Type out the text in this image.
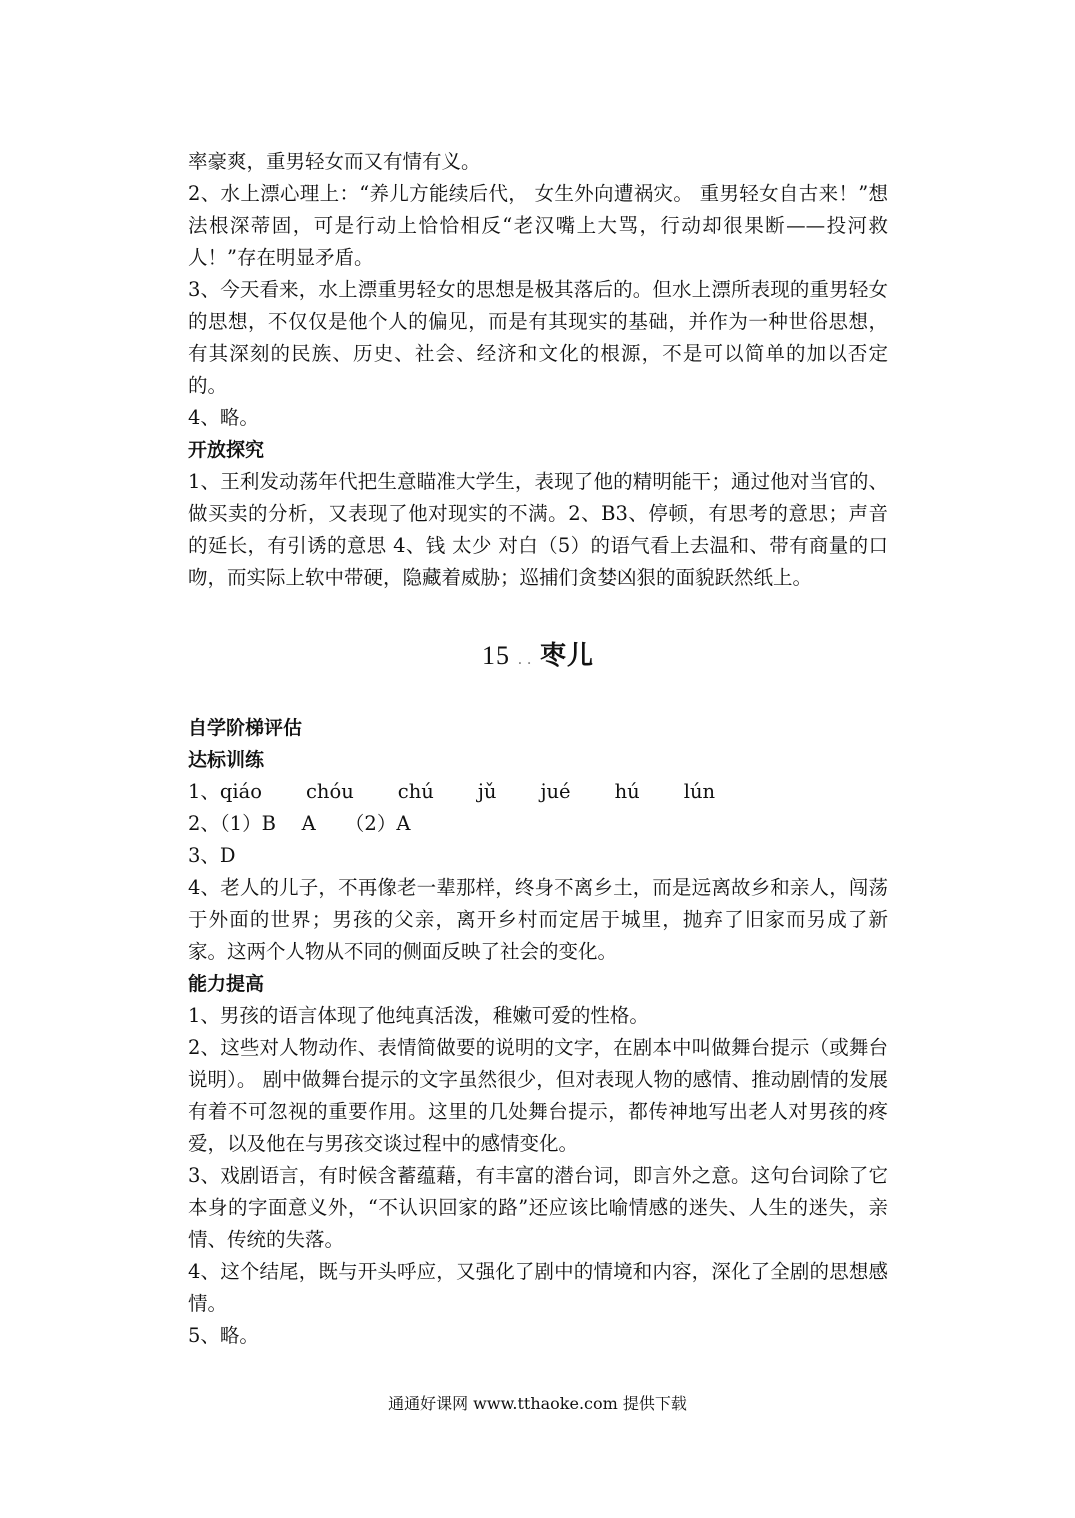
率豪爽，重男轻女而又有情有义。

2、水上漂心理上：“养儿方能续后代， 女生外向遭祸灾。 重男轻女自古来！”想法根深蒂固，可是行动上恰恰相反“老汉嘴上大骂，行动却很果断——投河救人！”存在明显矛盾。

3、今天看来，水上漂重男轻女的思想是极其落后的。但水上漂所表现的重男轻女的思想，不仅仅是他个人的偏见，而是有其现实的基础，并作为一种世俗思想，有其深刻的民族、历史、社会、经济和文化的根源，不是可以简单的加以否定的。

4、略。

开放探究

1、王利发动荡年代把生意瞄准大学生，表现了他的精明能干；通过他对当官的、做买卖的分析，又表现了他对现实的不满。2、B3、停顿，有思考的意思；声音的延长，有引诱的意思 4、钱 太少 对白（5）的语气看上去温和、带有商量的口吻，而实际上软中带硬，隐藏着威胁；巡捕们贪婪凶狠的面貌跃然纸上。

15 . . 枣儿

自学阶梯评估

达标训练

1、qiáo chóu chú jǔ jué hú lún

2、（1）B　 A　　（2）A

3、D

4、老人的儿子，不再像老一辈那样，终身不离乡土，而是远离故乡和亲人，闯荡于外面的世界；男孩的父亲，离开乡村而定居于城里，抛弃了旧家而另成了新家。这两个人物从不同的侧面反映了社会的变化。

能力提高

1、男孩的语言体现了他纯真活泼，稚嫩可爱的性格。

2、这些对人物动作、表情简做要的说明的文字，在剧本中叫做舞台提示（或舞台说明）。 剧中做舞台提示的文字虽然很少，但对表现人物的感情、推动剧情的发展有着不可忽视的重要作用。这里的几处舞台提示，都传神地写出老人对男孩的疼爱，以及他在与男孩交谈过程中的感情变化。

3、戏剧语言，有时候含蓄蕴藉，有丰富的潜台词，即言外之意。这句台词除了它本身的字面意义外，“不认识回家的路”还应该比喻情感的迷失、人生的迷失，亲情、传统的失落。

4、这个结尾，既与开头呼应，又强化了剧中的情境和内容，深化了全剧的思想感情。

5、略。

通通好课网 www.tthaoke.com 提供下载
